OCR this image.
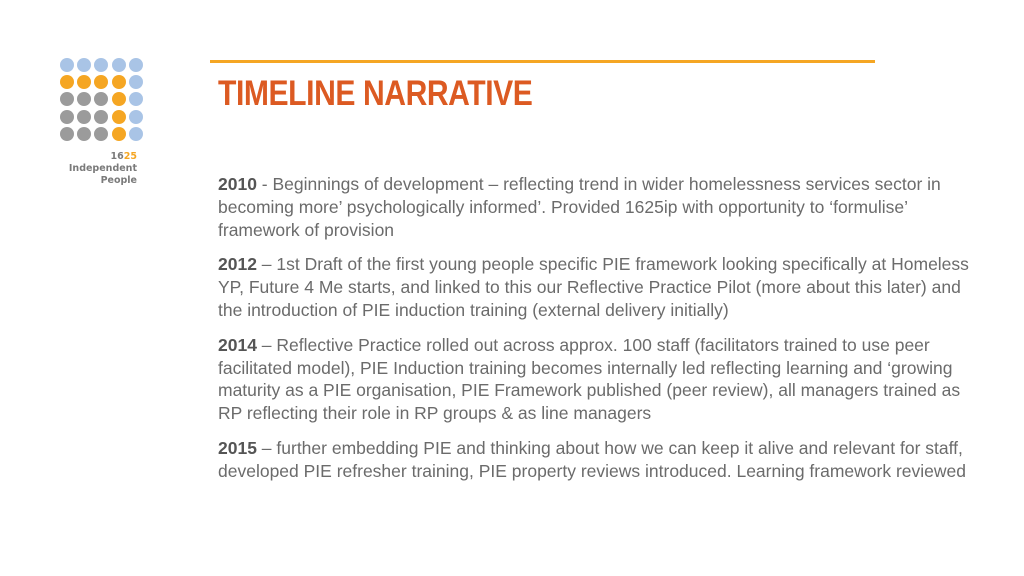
1625
Independent
People
TIMELINE NARRATIVE

2010 - Beginnings of development – reflecting trend in wider homelessness services sector in becoming more’ psychologically informed’. Provided 1625ip with opportunity to ‘formulise’ framework of provision

2012 – 1st Draft of the first young people specific PIE framework looking specifically at Homeless YP, Future 4 Me starts, and linked to this our Reflective Practice Pilot (more about this later) and the introduction of PIE induction training (external delivery initially)

2014 – Reflective Practice rolled out across approx. 100 staff (facilitators trained to use peer facilitated model), PIE Induction training becomes internally led reflecting learning and ‘growing maturity as a PIE organisation, PIE Framework published (peer review), all managers trained as RP reflecting their role in RP groups & as line managers

2015 – further embedding PIE and thinking about how we can keep it alive and relevant for staff, developed PIE refresher training, PIE property reviews introduced. Learning framework reviewed
